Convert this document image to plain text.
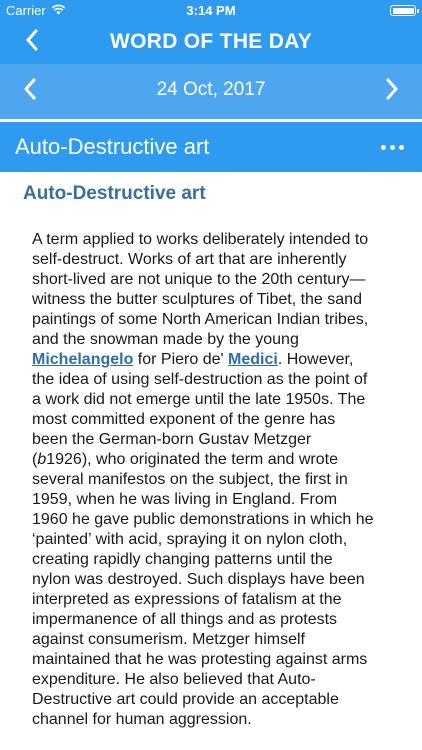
Carrier	3:14 PM
WORD OF THE DAY
24 Oct, 2017
Auto-Destructive art
Auto-Destructive art
A term applied to works deliberately intended to self-destruct. Works of art that are inherently short-lived are not unique to the 20th century—witness the butter sculptures of Tibet, the sand paintings of some North American Indian tribes, and the snowman made by the young Michelangelo for Piero de' Medici. However, the idea of using self-destruction as the point of a work did not emerge until the late 1950s. The most committed exponent of the genre has been the German-born Gustav Metzger (b1926), who originated the term and wrote several manifestos on the subject, the first in 1959, when he was living in England. From 1960 he gave public demonstrations in which he ‘painted’ with acid, spraying it on nylon cloth, creating rapidly changing patterns until the nylon was destroyed. Such displays have been interpreted as expressions of fatalism at the impermanence of all things and as protests against consumerism. Metzger himself maintained that he was protesting against arms expenditure. He also believed that Auto-Destructive art could provide an acceptable channel for human aggression.
